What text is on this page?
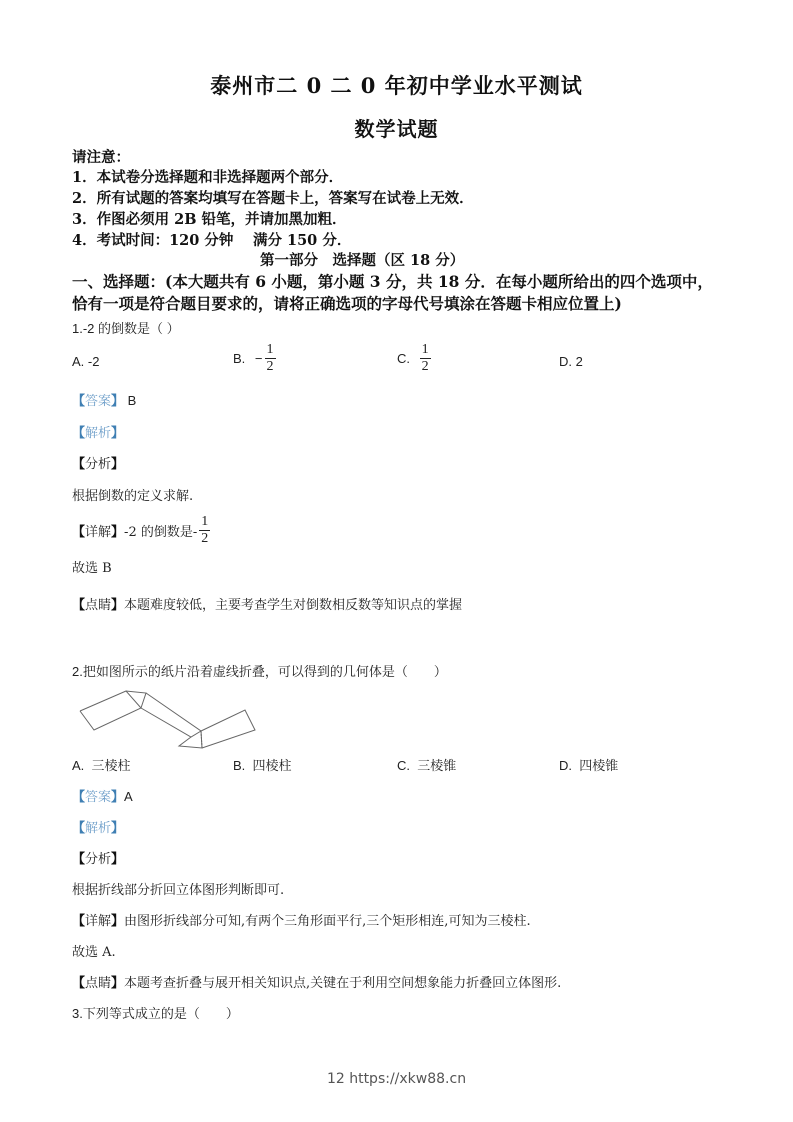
泰州市二 0 二 0 年初中学业水平测试
数学试题
请注意：
1．本试卷分选择题和非选择题两个部分．
2．所有试题的答案均填写在答题卡上，答案写在试卷上无效．
3．作图必须用 2B 铅笔，并请加黑加粗．
4．考试时间：120 分钟　 满分 150 分．
第一部分　选择题（区 18 分）
一、选择题：(本大题共有 6 小题，第小题 3 分，共 18 分．在每小题所给出的四个选项中，
恰有一项是符合题目要求的，请将正确选项的字母代号填涂在答题卡相应位置上)
1.-2 的倒数是（ ）
A. -2	B. − $\frac{1}{2}$	C. $\frac{1}{2}$	D. 2
【答案】 B
【解析】
【分析】
根据倒数的定义求解.
【详解】-2 的倒数是- $\frac{1}{2}$
故选 B
【点睛】本题难度较低，主要考查学生对倒数相反数等知识点的掌握
2.把如图所示的纸片沿着虚线折叠，可以得到的几何体是（　　）
A. 三棱柱	B. 四棱柱	C. 三棱锥	D. 四棱锥
【答案】A
【解析】
【分析】
根据折线部分折回立体图形判断即可.
【详解】由图形折线部分可知,有两个三角形面平行,三个矩形相连,可知为三棱柱.
故选 A.
【点睛】本题考查折叠与展开相关知识点,关键在于利用空间想象能力折叠回立体图形.
3.下列等式成立的是（　　）
12 https://xkw88.cn
